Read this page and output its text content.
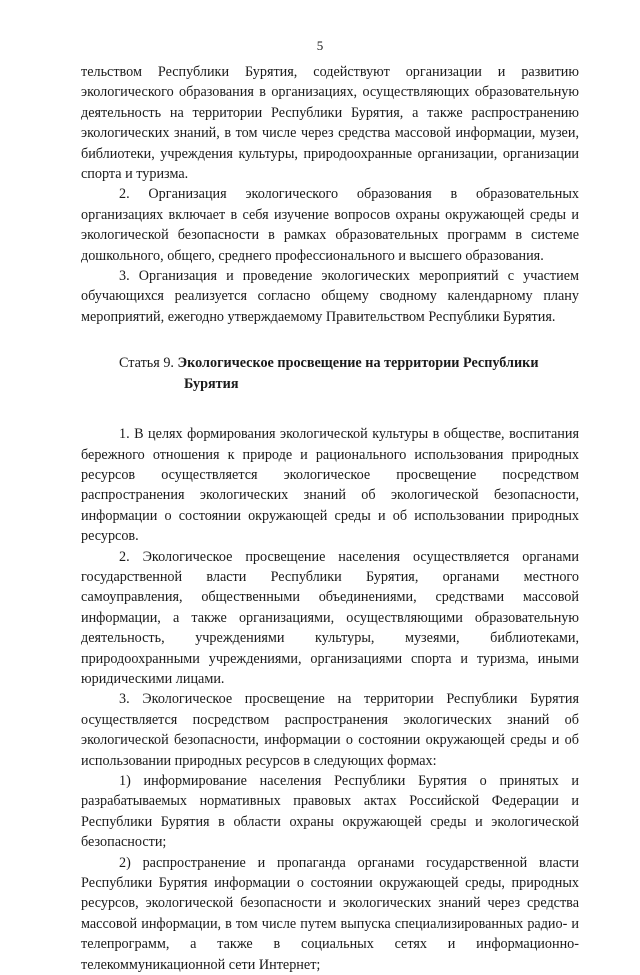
5

тельством Республики Бурятия, содействуют организации и развитию экологического образования в организациях, осуществляющих образовательную деятельность на территории Республики Бурятия, а также распространению экологических знаний, в том числе через средства массовой информации, музеи, библиотеки, учреждения культуры, природоохранные организации, организации спорта и туризма.

2. Организация экологического образования в образовательных организациях включает в себя изучение вопросов охраны окружающей среды и экологической безопасности в рамках образовательных программ в системе дошкольного, общего, среднего профессионального и высшего образования.

3. Организация и проведение экологических мероприятий с участием обучающихся реализуется согласно общему сводному календарному плану мероприятий, ежегодно утверждаемому Правительством Республики Бурятия.

Статья 9. Экологическое просвещение на территории Республики
Бурятия

1. В целях формирования экологической культуры в обществе, воспитания бережного отношения к природе и рационального использования природных ресурсов осуществляется экологическое просвещение посредством распространения экологических знаний об экологической безопасности, информации о состоянии окружающей среды и об использовании природных ресурсов.

2. Экологическое просвещение населения осуществляется органами государственной власти Республики Бурятия, органами местного самоуправления, общественными объединениями, средствами массовой информации, а также организациями, осуществляющими образовательную деятельность, учреждениями культуры, музеями, библиотеками, природоохранными учреждениями, организациями спорта и туризма, иными юридическими лицами.

3. Экологическое просвещение на территории Республики Бурятия осуществляется посредством распространения экологических знаний об экологической безопасности, информации о состоянии окружающей среды и об использовании природных ресурсов в следующих формах:

1) информирование населения Республики Бурятия о принятых и разрабатываемых нормативных правовых актах Российской Федерации и Республики Бурятия в области охраны окружающей среды и экологической безопасности;

2) распространение и пропаганда органами государственной власти Республики Бурятия информации о состоянии окружающей среды, природных ресурсов, экологической безопасности и экологических знаний через средства массовой информации, в том числе путем выпуска специализированных радио- и телепрограмм, а также в социальных сетях и информационно-телекоммуникационной сети Интернет;
